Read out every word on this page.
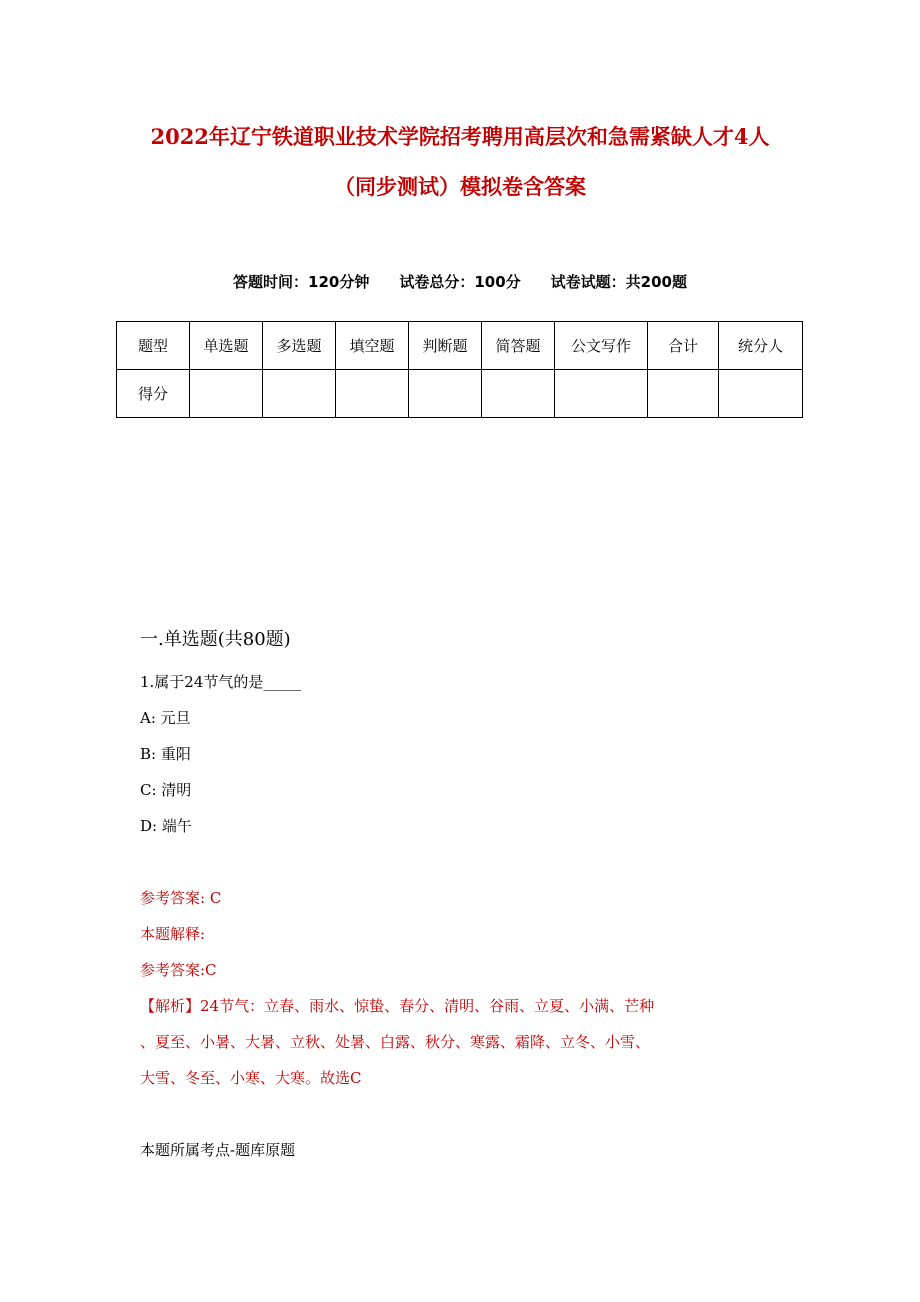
2022年辽宁铁道职业技术学院招考聘用高层次和急需紧缺人才4人
（同步测试）模拟卷含答案
答题时间：120分钟 试卷总分：100分 试卷试题：共200题
题型	单选题	多选题	填空题	判断题	简答题	公文写作	合计	统分人
得分								
一.单选题(共80题)
1.属于24节气的是_____
A: 元旦
B: 重阳
C: 清明
D: 端午
参考答案: C
本题解释:
参考答案:C
【解析】24节气：立春、雨水、惊蛰、春分、清明、谷雨、立夏、小满、芒种
、夏至、小暑、大暑、立秋、处暑、白露、秋分、寒露、霜降、立冬、小雪、
大雪、冬至、小寒、大寒。故选C
本题所属考点-题库原题
